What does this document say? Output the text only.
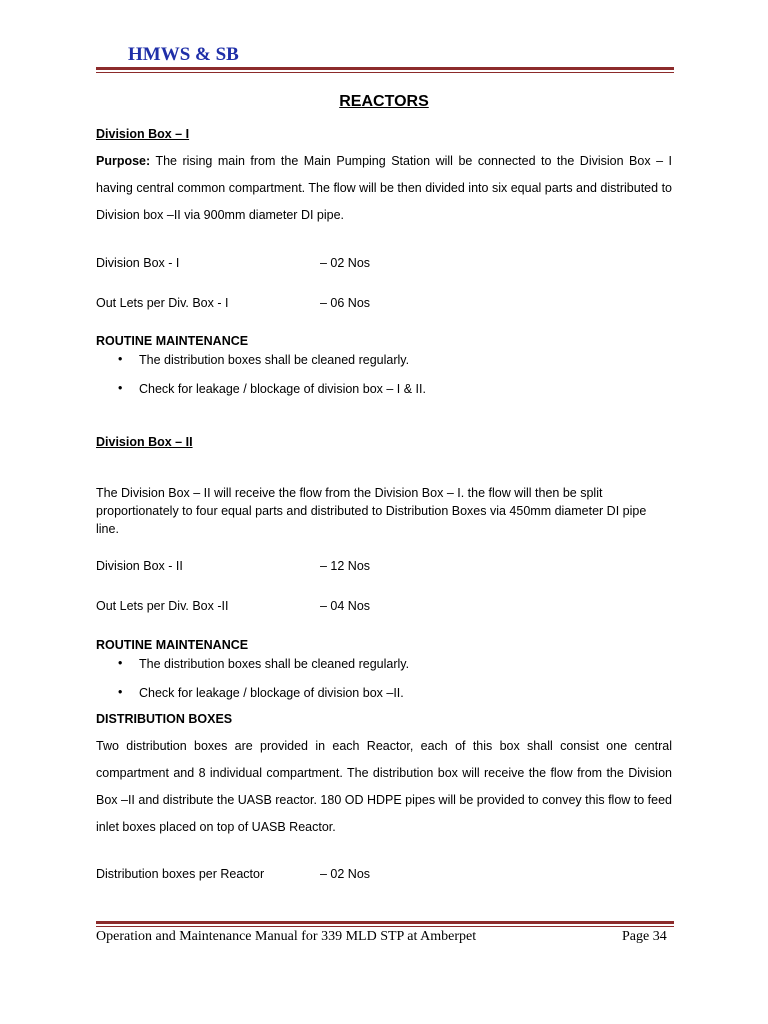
HMWS & SB
REACTORS
Division Box – I
Purpose: The rising main from the Main Pumping Station will be connected to the Division Box – I having central common compartment. The flow will be then divided into six equal parts and distributed to Division box –II via 900mm diameter DI pipe.
Division Box - I	– 02 Nos
Out Lets per Div. Box - I	– 06 Nos
ROUTINE MAINTENANCE
• The distribution boxes shall be cleaned regularly.
• Check for leakage / blockage of division box – I & II.
Division Box – II
The Division Box – II will receive the flow from the Division Box – I. the flow will then be split proportionately to four equal parts and distributed to Distribution Boxes via 450mm diameter DI pipe line.
Division Box - II	– 12 Nos
Out Lets per Div. Box -II	– 04 Nos
ROUTINE MAINTENANCE
• The distribution boxes shall be cleaned regularly.
• Check for leakage / blockage of division box –II.
DISTRIBUTION BOXES
Two distribution boxes are provided in each Reactor, each of this box shall consist one central compartment and 8 individual compartment. The distribution box will receive the flow from the Division Box –II and distribute the UASB reactor. 180 OD HDPE pipes will be provided to convey this flow to feed inlet boxes placed on top of UASB Reactor.
Distribution boxes per Reactor	– 02 Nos
Operation and Maintenance Manual for 339 MLD STP at Amberpet	Page 34
